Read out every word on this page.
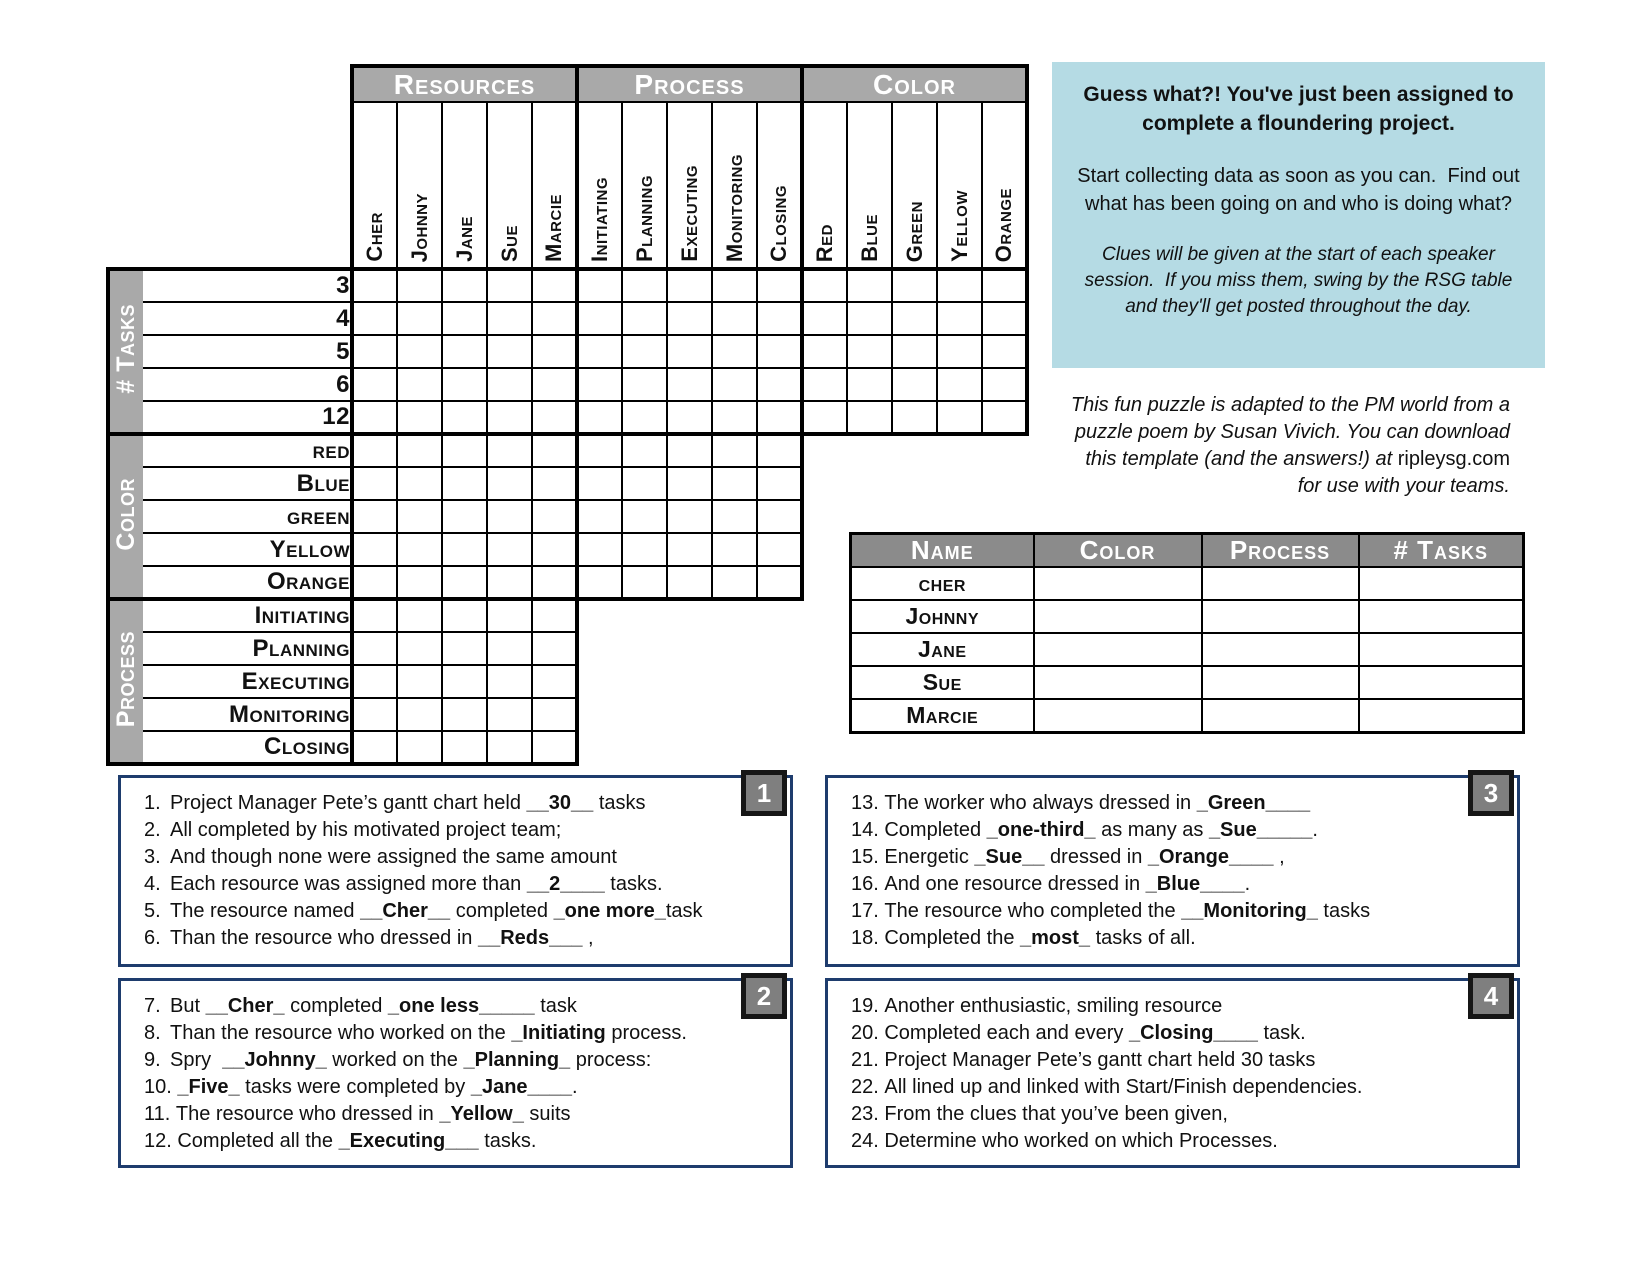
		Resources					Process					Color				
		Cher	Johnny	Jane	Sue	Marcie	Initiating	Planning	Executing	Monitoring	Closing	Red	Blue	Green	Yellow	Orange
# Tasks	3															
	4															
	5															
	6															
	12															
Color	red															
	Blue															
	green															
	Yellow															
	Orange															
Process	Initiating															
	Planning															
	Executing															
	Monitoring															
	Closing															
Guess what?! You've just been assigned to complete a floundering project.
Start collecting data as soon as you can.  Find out what has been going on and who is doing what?
Clues will be given at the start of each speaker session.  If you miss them, swing by the RSG table and they'll get posted throughout the day.
This fun puzzle is adapted to the PM world from a
puzzle poem by Susan Vivich. You can download
this template (and the answers!) at ripleysg.com
for use with your teams.
Name	Color	Process	# Tasks
cher			
Johnny			
Jane			
Sue			
Marcie			
1
1. Project Manager Pete’s gantt chart held __30__ tasks
2. All completed by his motivated project team;
3. And though none were assigned the same amount
4. Each resource was assigned more than __2____ tasks.
5. The resource named __Cher__ completed _one more_task
6. Than the resource who dressed in __Reds___ ,
2
7. But __Cher_ completed _one less_____ task
8. Than the resource who worked on the _Initiating process.
9. Spry  __Johnny_ worked on the _Planning_ process:
10. _Five_ tasks were completed by _Jane____.
11. The resource who dressed in _Yellow_ suits
12. Completed all the _Executing___ tasks.
3
13. The worker who always dressed in _Green____
14. Completed _one-third_ as many as _Sue_____.
15. Energetic _Sue__ dressed in _Orange____ ,
16. And one resource dressed in _Blue____.
17. The resource who completed the __Monitoring_ tasks
18. Completed the _most_ tasks of all.
4
19. Another enthusiastic, smiling resource
20. Completed each and every _Closing____ task.
21. Project Manager Pete’s gantt chart held 30 tasks
22. All lined up and linked with Start/Finish dependencies.
23. From the clues that you’ve been given,
24. Determine who worked on which Processes.
